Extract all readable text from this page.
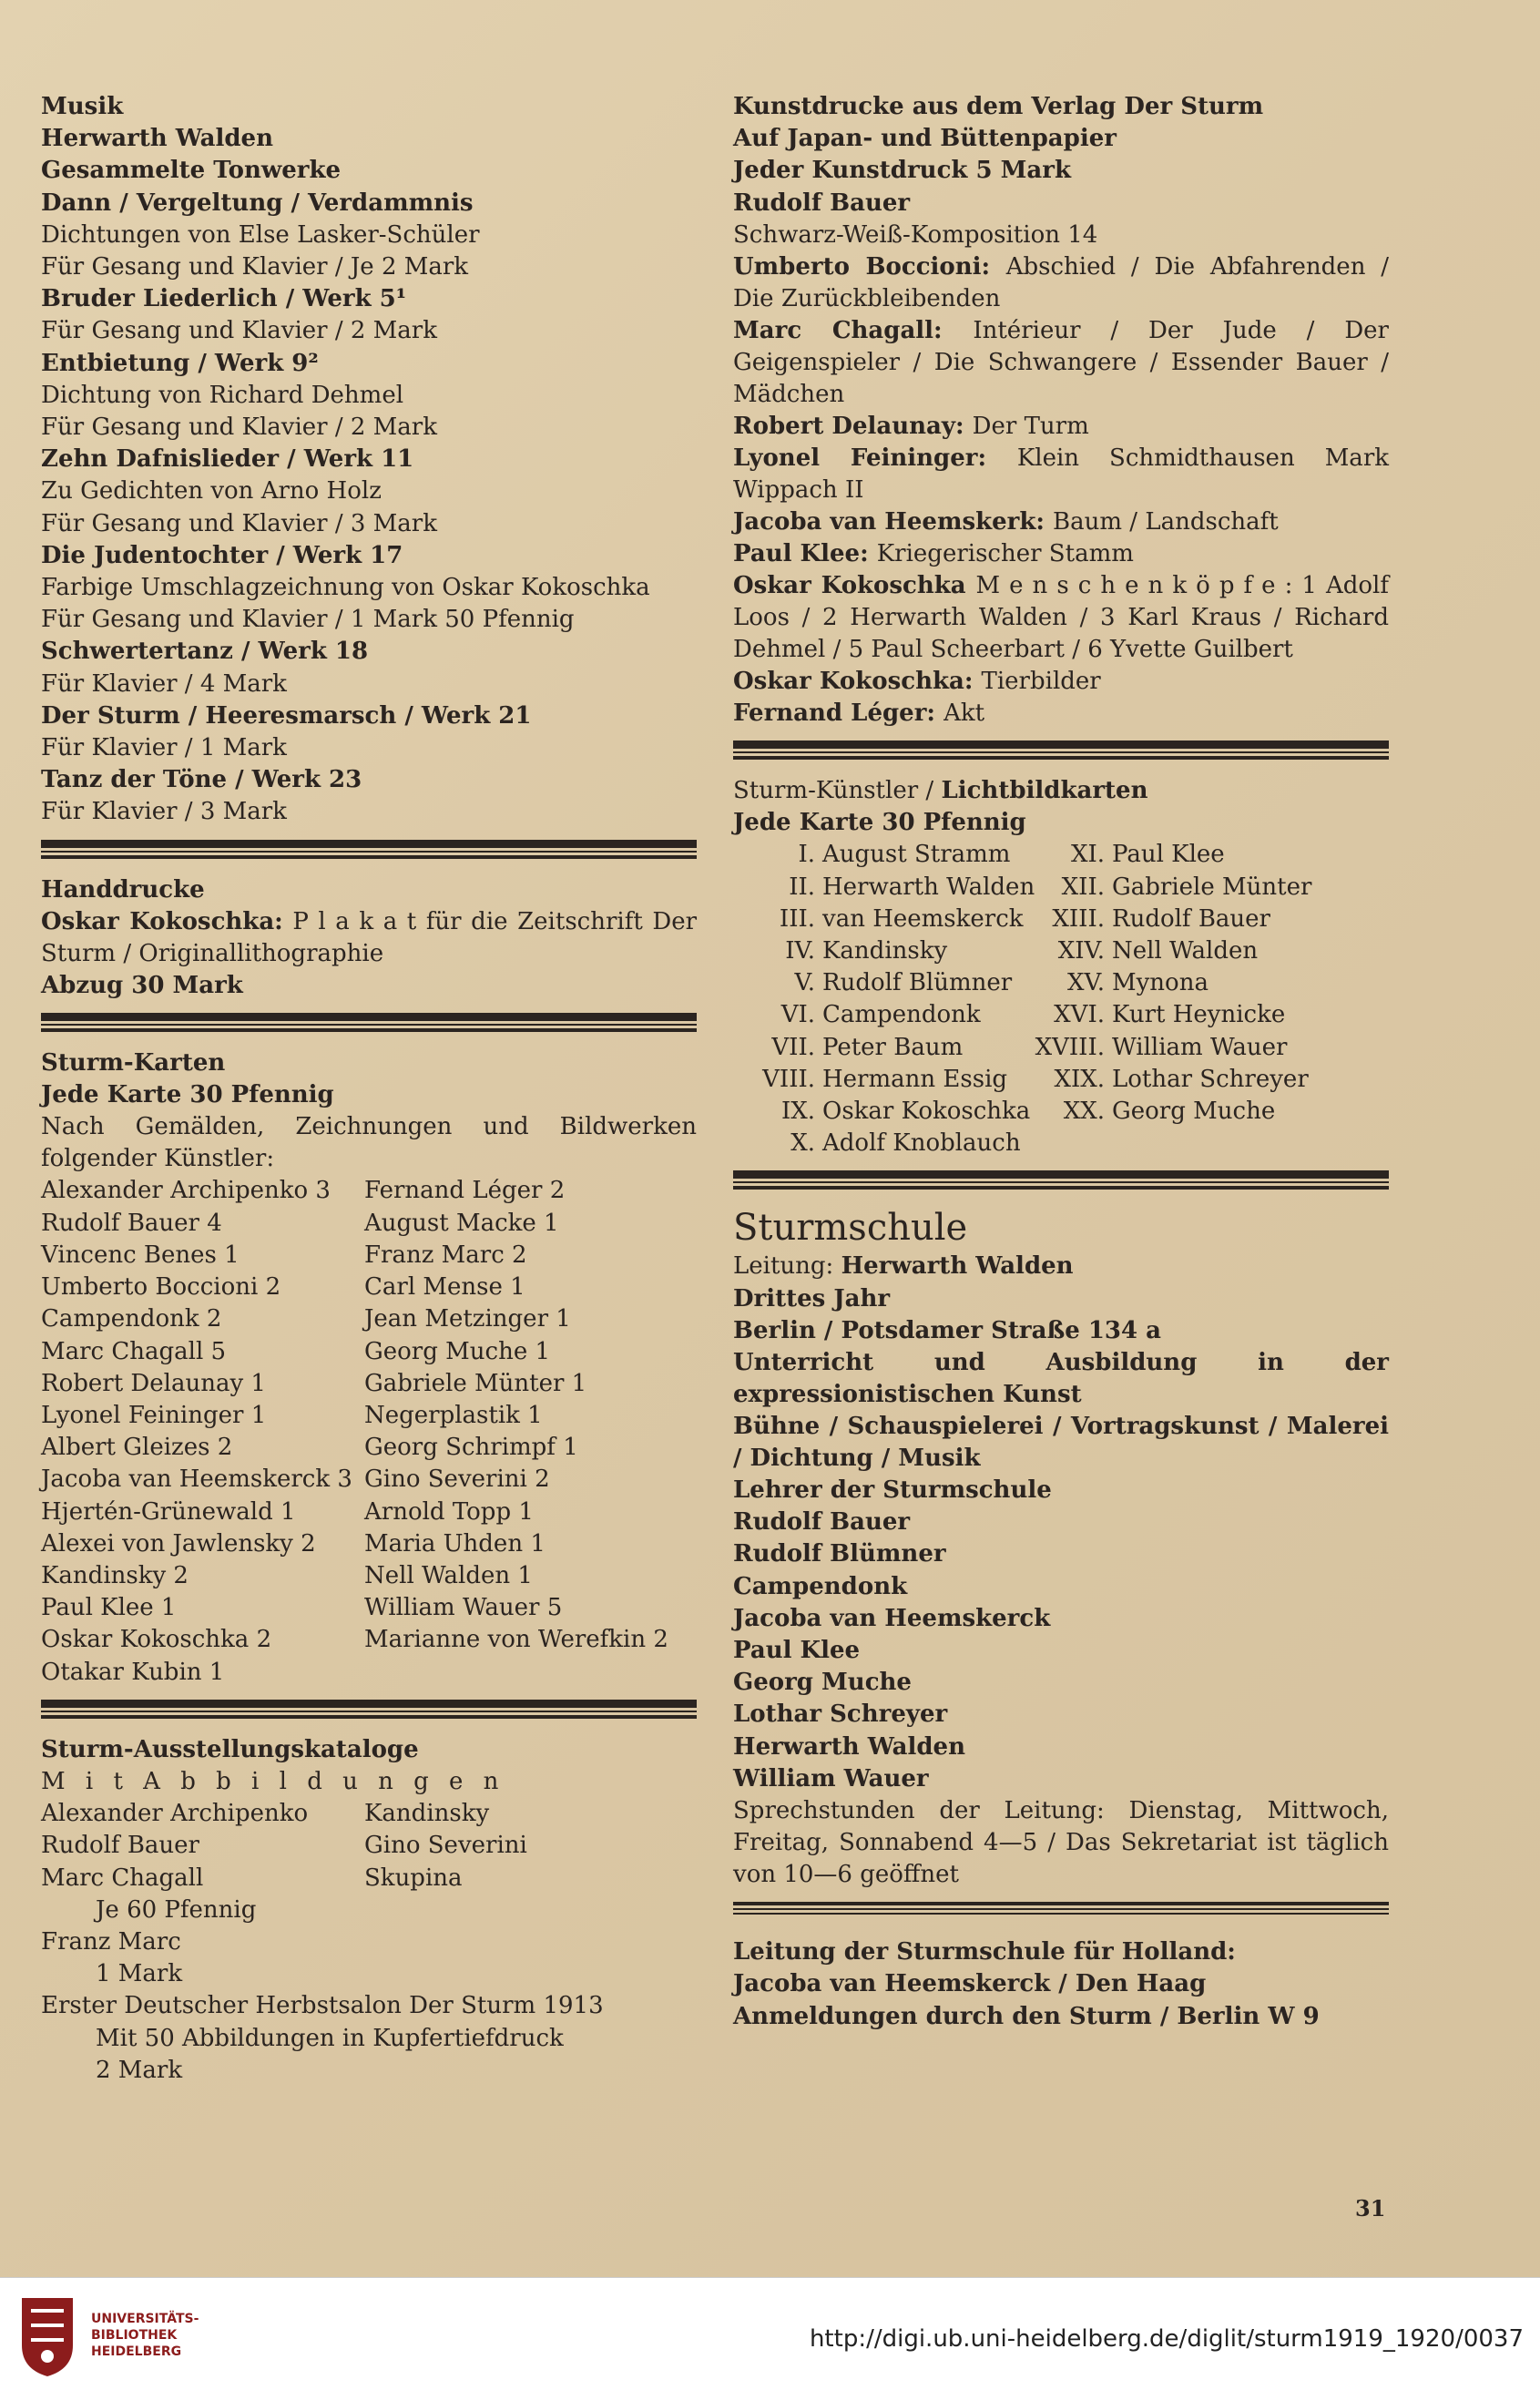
Musik
Herwarth Walden
Gesammelte Tonwerke
Dann / Vergeltung / Verdammnis
Dichtungen von Else Lasker-Schüler
Für Gesang und Klavier / Je 2 Mark
Bruder Liederlich / Werk 5¹
Für Gesang und Klavier / 2 Mark
Entbietung / Werk 9²
Dichtung von Richard Dehmel
Für Gesang und Klavier / 2 Mark
Zehn Dafnislieder / Werk 11
Zu Gedichten von Arno Holz
Für Gesang und Klavier / 3 Mark
Die Judentochter / Werk 17
Farbige Umschlagzeichnung von Oskar Kokoschka
Für Gesang und Klavier / 1 Mark 50 Pfennig
Schwertertanz / Werk 18
Für Klavier / 4 Mark
Der Sturm / Heeresmarsch / Werk 21
Für Klavier / 1 Mark
Tanz der Töne / Werk 23
Für Klavier / 3 Mark
Handdrucke
Oskar Kokoschka: P l a k a t für die Zeitschrift Der Sturm / Originallithographie
Abzug 30 Mark
Sturm-Karten
Jede Karte 30 Pfennig
Nach Gemälden, Zeichnungen und Bildwerken folgender Künstler:
Alexander Archipenko 3	Fernand Léger 2
Rudolf Bauer 4	August Macke 1
Vincenc Benes 1	Franz Marc 2
Umberto Boccioni 2	Carl Mense 1
Campendonk 2	Jean Metzinger 1
Marc Chagall 5	Georg Muche 1
Robert Delaunay 1	Gabriele Münter 1
Lyonel Feininger 1	Negerplastik 1
Albert Gleizes 2	Georg Schrimpf 1
Jacoba van Heemskerck 3 Gino Severini 2
Hjertén-Grünewald 1	Arnold Topp 1
Alexei von Jawlensky 2	Maria Uhden 1
Kandinsky 2	Nell Walden 1
Paul Klee 1	William Wauer 5
Oskar Kokoschka 2	Marianne von Werefkin 2
Otakar Kubin 1
Sturm-Ausstellungskataloge
M i t A b b i l d u n g e n
Alexander Archipenko	Kandinsky
Rudolf Bauer	Gino Severini
Marc Chagall	Skupina
Je 60 Pfennig
Franz Marc
1 Mark
Erster Deutscher Herbstsalon Der Sturm 1913
Mit 50 Abbildungen in Kupfertiefdruck
2 Mark
Kunstdrucke aus dem Verlag Der Sturm
Auf Japan- und Büttenpapier
Jeder Kunstdruck 5 Mark
Rudolf Bauer
Schwarz-Weiß-Komposition 14
Umberto Boccioni: Abschied / Die Abfahrenden / Die Zurückbleibenden
Marc Chagall: Intérieur / Der Jude / Der Geigenspieler / Die Schwangere / Essender Bauer / Mädchen
Robert Delaunay: Der Turm
Lyonel Feininger: Klein Schmidthausen Mark Wippach II
Jacoba van Heemskerk: Baum / Landschaft
Paul Klee: Kriegerischer Stamm
Oskar Kokoschka M e n s c h e n k ö p f e : 1 Adolf Loos / 2 Herwarth Walden / 3 Karl Kraus / Richard Dehmel / 5 Paul Scheerbart / 6 Yvette Guilbert
Oskar Kokoschka: Tierbilder
Fernand Léger: Akt
Sturm-Künstler / Lichtbildkarten
Jede Karte 30 Pfennig
I. August Stramm	XI. Paul Klee
II. Herwarth Walden	XII. Gabriele Münter
III. van Heemskerck	XIII. Rudolf Bauer
IV. Kandinsky	XIV. Nell Walden
V. Rudolf Blümner	XV. Mynona
VI. Campendonk	XVI. Kurt Heynicke
VII. Peter Baum	XVIII. William Wauer
VIII. Hermann Essig	XIX. Lothar Schreyer
IX. Oskar Kokoschka	XX. Georg Muche
X. Adolf Knoblauch
Sturmschule
Leitung: Herwarth Walden
Drittes Jahr
Berlin / Potsdamer Straße 134 a
Unterricht und Ausbildung in der expressionistischen Kunst
Bühne / Schauspielerei / Vortragskunst / Malerei / Dichtung / Musik
Lehrer der Sturmschule
Rudolf Bauer
Rudolf Blümner
Campendonk
Jacoba van Heemskerck
Paul Klee
Georg Muche
Lothar Schreyer
Herwarth Walden
William Wauer
Sprechstunden der Leitung: Dienstag, Mittwoch, Freitag, Sonnabend 4—5 / Das Sekretariat ist täglich von 10—6 geöffnet
Leitung der Sturmschule für Holland:
Jacoba van Heemskerck / Den Haag
Anmeldungen durch den Sturm / Berlin W 9
31
UNIVERSITÄTS-
BIBLIOTHEK
HEIDELBERG	http://digi.ub.uni-heidelberg.de/diglit/sturm1919_1920/0037
